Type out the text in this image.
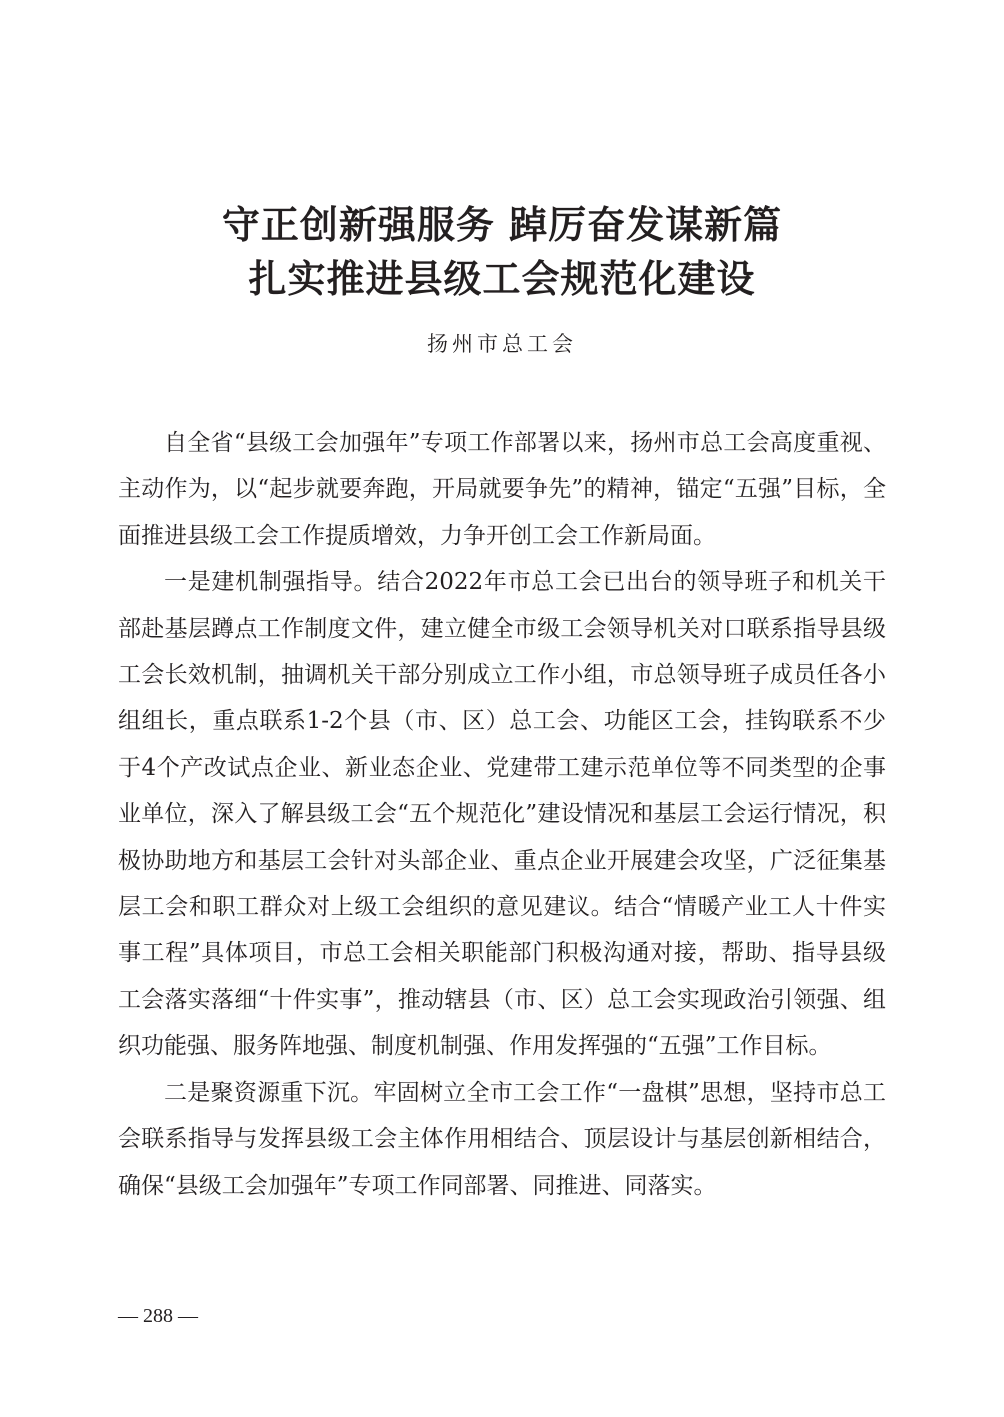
守正创新强服务 踔厉奋发谋新篇
扎实推进县级工会规范化建设
扬州市总工会

自全省“县级工会加强年”专项工作部署以来，扬州市总工会高度重视、主动作为，以“起步就要奔跑，开局就要争先”的精神，锚定“五强”目标，全面推进县级工会工作提质增效，力争开创工会工作新局面。

一是建机制强指导。结合2022年市总工会已出台的领导班子和机关干部赴基层蹲点工作制度文件，建立健全市级工会领导机关对口联系指导县级工会长效机制，抽调机关干部分别成立工作小组，市总领导班子成员任各小组组长，重点联系1-2个县（市、区）总工会、功能区工会，挂钩联系不少于4个产改试点企业、新业态企业、党建带工建示范单位等不同类型的企事业单位，深入了解县级工会“五个规范化”建设情况和基层工会运行情况，积极协助地方和基层工会针对头部企业、重点企业开展建会攻坚，广泛征集基层工会和职工群众对上级工会组织的意见建议。结合“情暖产业工人十件实事工程”具体项目，市总工会相关职能部门积极沟通对接，帮助、指导县级工会落实落细“十件实事”，推动辖县（市、区）总工会实现政治引领强、组织功能强、服务阵地强、制度机制强、作用发挥强的“五强”工作目标。

二是聚资源重下沉。牢固树立全市工会工作“一盘棋”思想，坚持市总工会联系指导与发挥县级工会主体作用相结合、顶层设计与基层创新相结合，确保“县级工会加强年”专项工作同部署、同推进、同落实。

— 288 —
